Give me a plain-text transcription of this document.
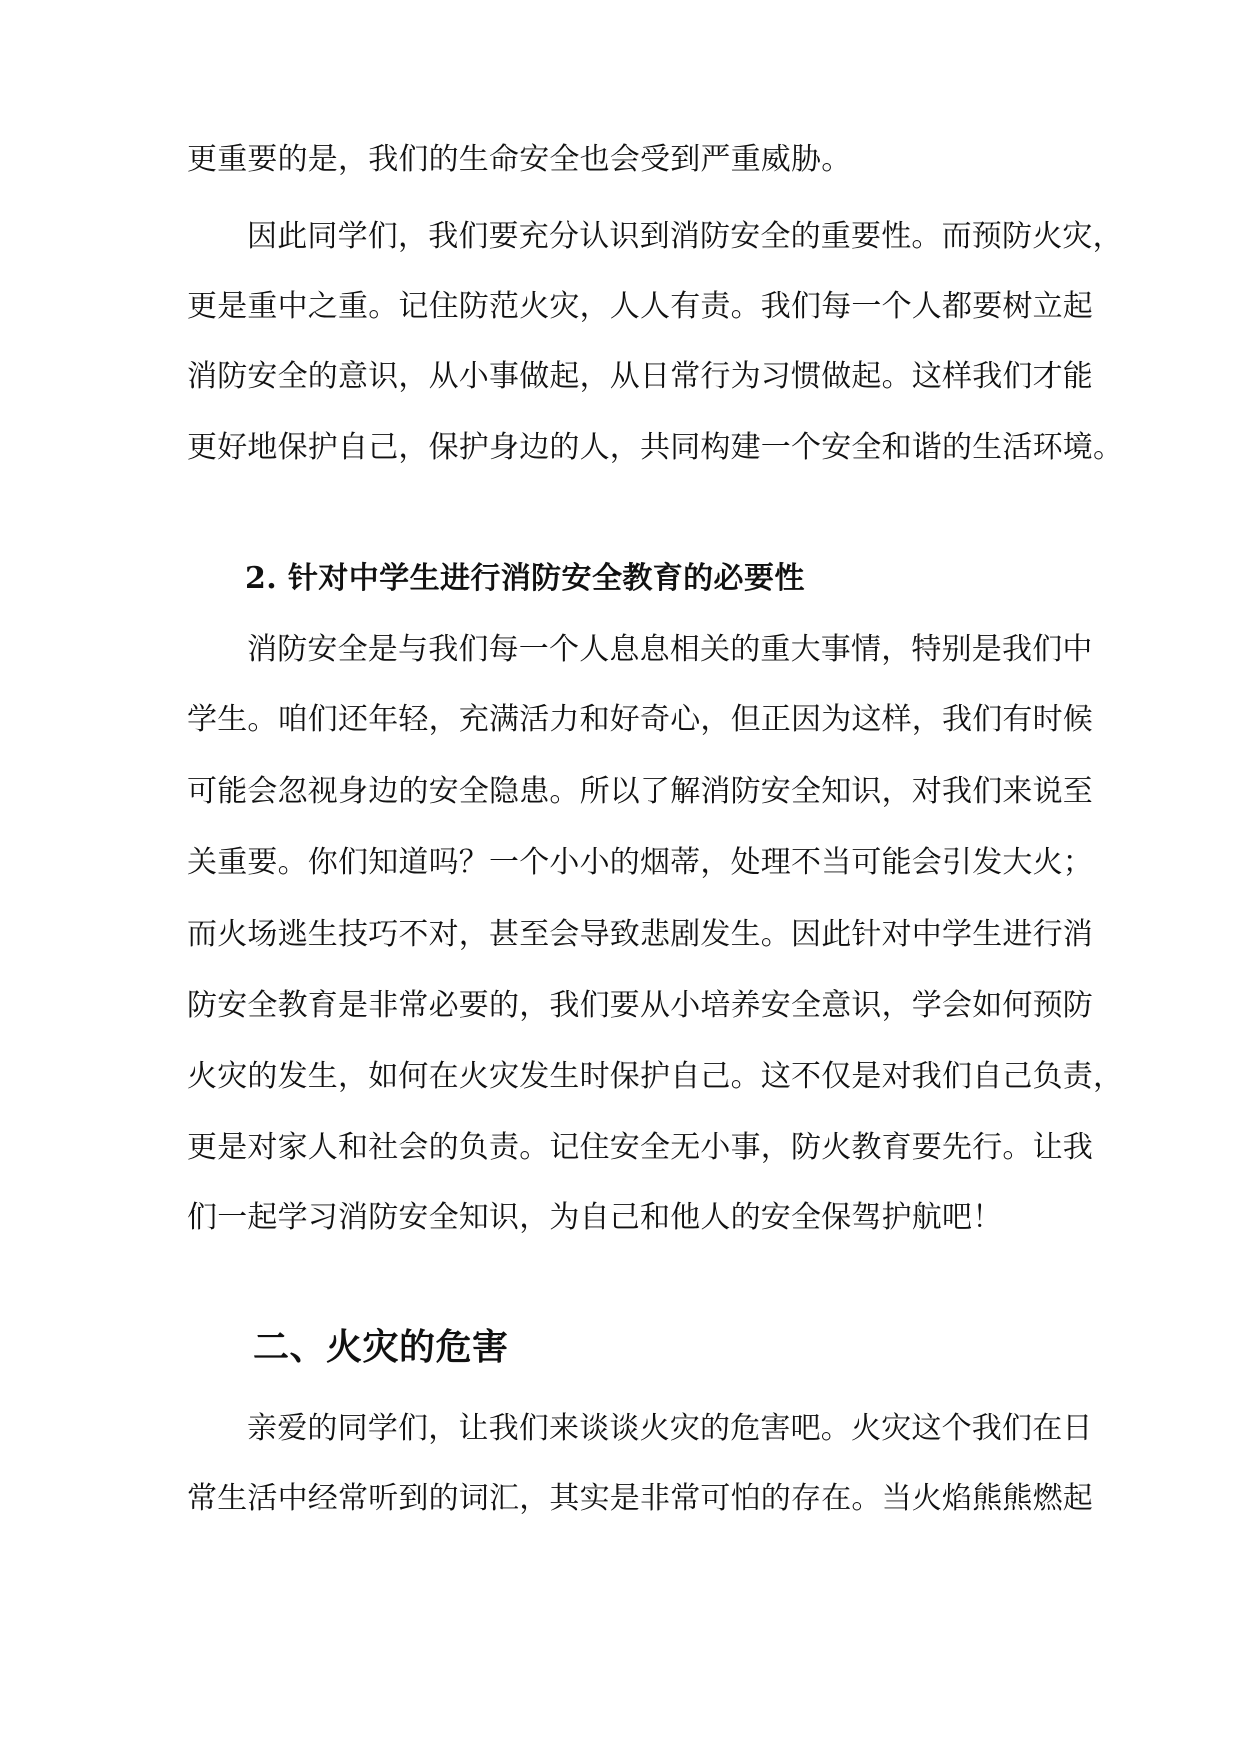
更重要的是，我们的生命安全也会受到严重威胁。
因此同学们，我们要充分认识到消防安全的重要性。而预防火灾，
更是重中之重。记住防范火灾，人人有责。我们每一个人都要树立起
消防安全的意识，从小事做起，从日常行为习惯做起。这样我们才能
更好地保护自己，保护身边的人，共同构建一个安全和谐的生活环境。
2. 针对中学生进行消防安全教育的必要性
消防安全是与我们每一个人息息相关的重大事情，特别是我们中
学生。咱们还年轻，充满活力和好奇心，但正因为这样，我们有时候
可能会忽视身边的安全隐患。所以了解消防安全知识，对我们来说至
关重要。你们知道吗？一个小小的烟蒂，处理不当可能会引发大火；
而火场逃生技巧不对，甚至会导致悲剧发生。因此针对中学生进行消
防安全教育是非常必要的，我们要从小培养安全意识，学会如何预防
火灾的发生，如何在火灾发生时保护自己。这不仅是对我们自己负责，
更是对家人和社会的负责。记住安全无小事，防火教育要先行。让我
们一起学习消防安全知识，为自己和他人的安全保驾护航吧！
二、火灾的危害
亲爱的同学们，让我们来谈谈火灾的危害吧。火灾这个我们在日
常生活中经常听到的词汇，其实是非常可怕的存在。当火焰熊熊燃起
